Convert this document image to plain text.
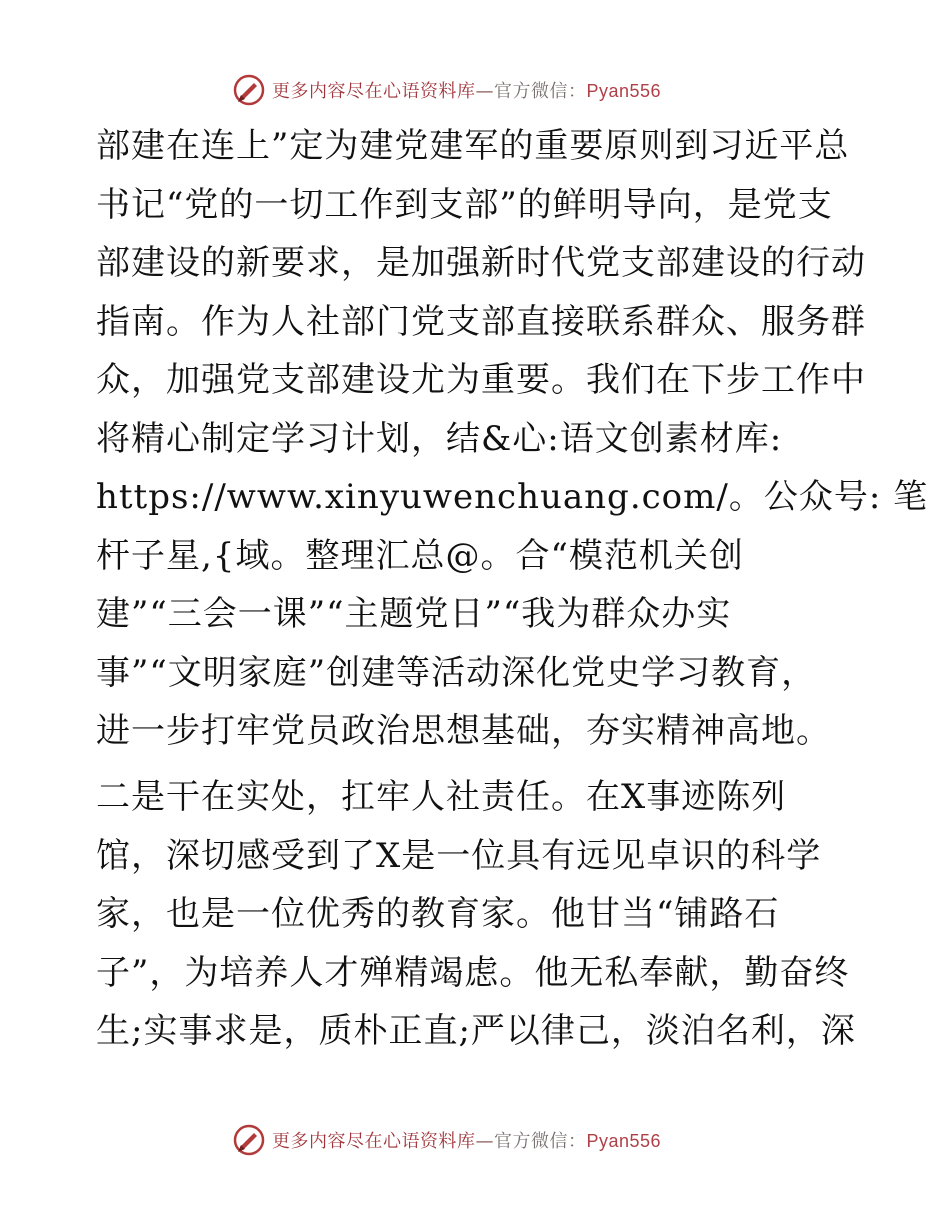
更多内容尽在心语资料库—官方微信：Pyan556
部建在连上”定为建党建军的重要原则到习近平总
书记“党的一切工作到支部”的鲜明导向，是党支
部建设的新要求，是加强新时代党支部建设的行动
指南。作为人社部门党支部直接联系群众、服务群
众，加强党支部建设尤为重要。我们在下步工作中
将精心制定学习计划，结&心:语文创素材库:
https://www.xinyuwenchuang.com/。公众号: 笔
杆子星,{域。整理汇总@。合“模范机关创
建”“三会一课”“主题党日”“我为群众办实
事”“文明家庭”创建等活动深化党史学习教育，
进一步打牢党员政治思想基础，夯实精神高地。
二是干在实处，扛牢人社责任。在X事迹陈列
馆，深切感受到了X是一位具有远见卓识的科学
家，也是一位优秀的教育家。他甘当“铺路石
子”，为培养人才殚精竭虑。他无私奉献，勤奋终
生;实事求是，质朴正直;严以律己，淡泊名利，深
更多内容尽在心语资料库—官方微信：Pyan556
